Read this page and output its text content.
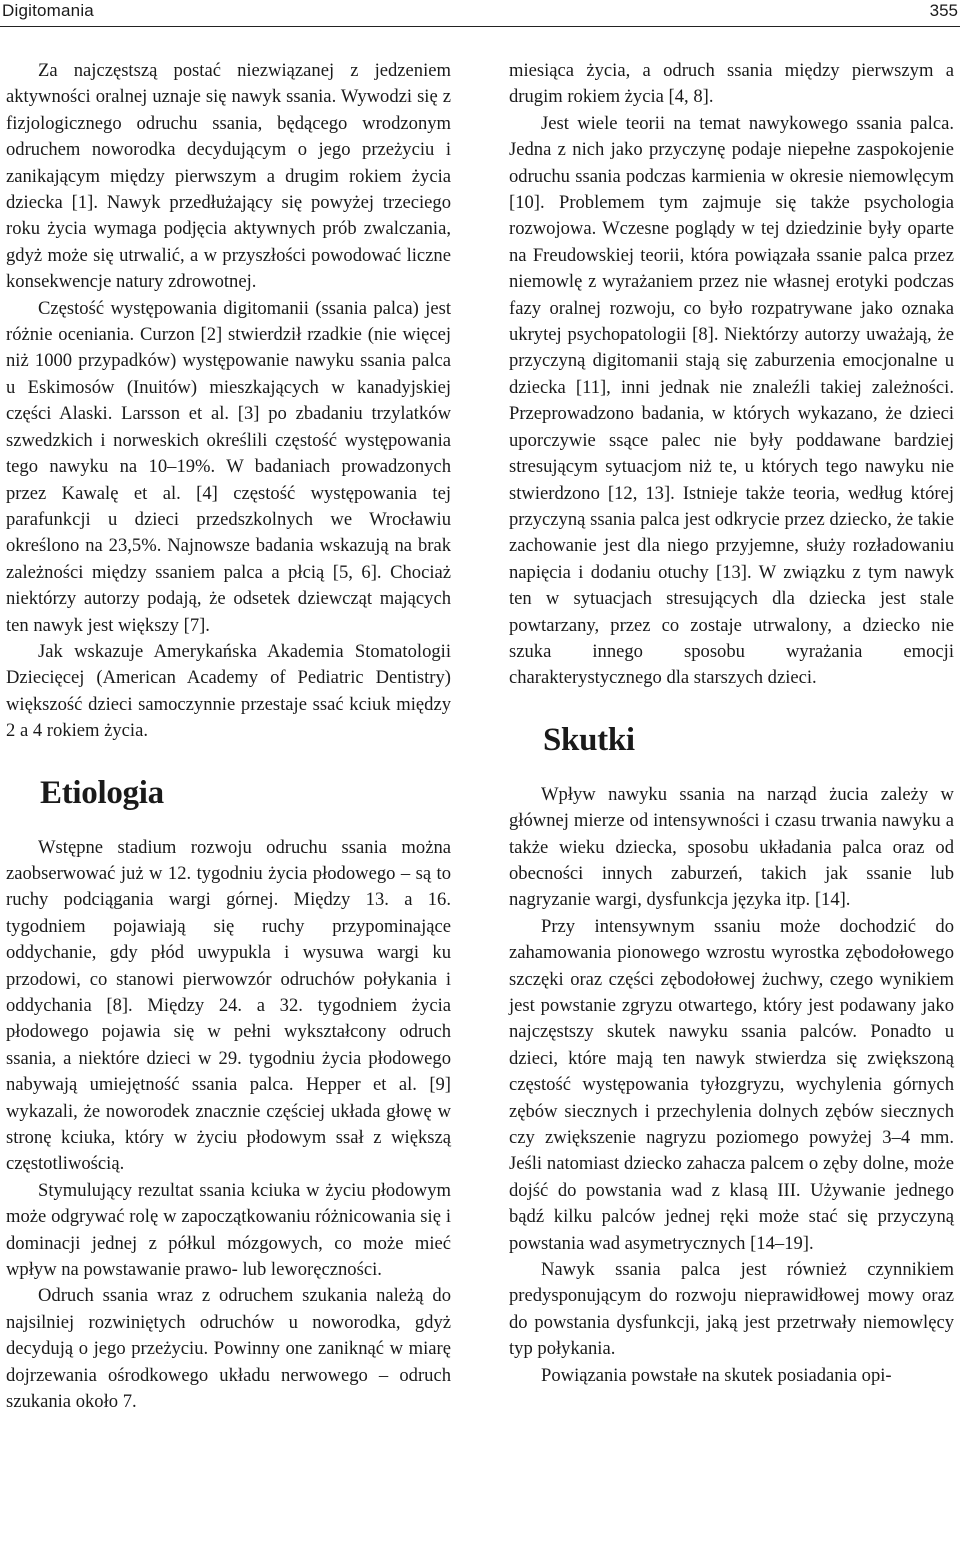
Digitomania	355

Za najczęstszą postać niezwiązanej z jedzeniem aktywności oralnej uznaje się nawyk ssania. Wywodzi się z fizjologicznego odruchu ssania, będącego wrodzonym odruchem noworodka decydującym o jego przeżyciu i zanikającym między pierwszym a drugim rokiem życia dziecka [1]. Nawyk przedłużający się powyżej trzeciego roku życia wymaga podjęcia aktywnych prób zwalczania, gdyż może się utrwalić, a w przyszłości powodować liczne konsekwencje natury zdrowotnej.

Częstość występowania digitomanii (ssania palca) jest różnie oceniania. Curzon [2] stwierdził rzadkie (nie więcej niż 1000 przypadków) występowanie nawyku ssania palca u Eskimosów (Inuitów) mieszkających w kanadyjskiej części Alaski. Larsson et al. [3] po zbadaniu trzylatków szwedzkich i norweskich określili częstość występowania tego nawyku na 10–19%. W badaniach prowadzonych przez Kawalę et al. [4] częstość występowania tej parafunkcji u dzieci przedszkolnych we Wrocławiu określono na 23,5%. Najnowsze badania wskazują na brak zależności między ssaniem palca a płcią [5, 6]. Chociaż niektórzy autorzy podają, że odsetek dziewcząt mających ten nawyk jest większy [7].

Jak wskazuje Amerykańska Akademia Stomatologii Dziecięcej (American Academy of Pediatric Dentistry) większość dzieci samoczynnie przestaje ssać kciuk między 2 a 4 rokiem życia.

Etiologia

Wstępne stadium rozwoju odruchu ssania można zaobserwować już w 12. tygodniu życia płodowego – są to ruchy podciągania wargi górnej. Między 13. a 16. tygodniem pojawiają się ruchy przypominające oddychanie, gdy płód uwypukla i wysuwa wargi ku przodowi, co stanowi pierwowzór odruchów połykania i oddychania [8]. Między 24. a 32. tygodniem życia płodowego pojawia się w pełni wykształcony odruch ssania, a niektóre dzieci w 29. tygodniu życia płodowego nabywają umiejętność ssania palca. Hepper et al. [9] wykazali, że noworodek znacznie częściej układa głowę w stronę kciuka, który w życiu płodowym ssał z większą częstotliwością.

Stymulujący rezultat ssania kciuka w życiu płodowym może odgrywać rolę w zapoczątkowaniu różnicowania się i dominacji jednej z półkul mózgowych, co może mieć wpływ na powstawanie prawo- lub leworęczności.

Odruch ssania wraz z odruchem szukania należą do najsilniej rozwiniętych odruchów u noworodka, gdyż decydują o jego przeżyciu. Powinny one zaniknąć w miarę dojrzewania ośrodkowego układu nerwowego – odruch szukania około 7.

miesiąca życia, a odruch ssania między pierwszym a drugim rokiem życia [4, 8].

Jest wiele teorii na temat nawykowego ssania palca. Jedna z nich jako przyczynę podaje niepełne zaspokojenie odruchu ssania podczas karmienia w okresie niemowlęcym [10]. Problemem tym zajmuje się także psychologia rozwojowa. Wczesne poglądy w tej dziedzinie były oparte na Freudowskiej teorii, która powiązała ssanie palca przez niemowlę z wyrażaniem przez nie własnej erotyki podczas fazy oralnej rozwoju, co było rozpatrywane jako oznaka ukrytej psychopatologii [8]. Niektórzy autorzy uważają, że przyczyną digitomanii stają się zaburzenia emocjonalne u dziecka [11], inni jednak nie znaleźli takiej zależności. Przeprowadzono badania, w których wykazano, że dzieci uporczywie ssące palec nie były poddawane bardziej stresującym sytuacjom niż te, u których tego nawyku nie stwierdzono [12, 13]. Istnieje także teoria, według której przyczyną ssania palca jest odkrycie przez dziecko, że takie zachowanie jest dla niego przyjemne, służy rozładowaniu napięcia i dodaniu otuchy [13]. W związku z tym nawyk ten w sytuacjach stresujących dla dziecka jest stale powtarzany, przez co zostaje utrwalony, a dziecko nie szuka innego sposobu wyrażania emocji charakterystycznego dla starszych dzieci.

Skutki

Wpływ nawyku ssania na narząd żucia zależy w głównej mierze od intensywności i czasu trwania nawyku a także wieku dziecka, sposobu układania palca oraz od obecności innych zaburzeń, takich jak ssanie lub nagryzanie wargi, dysfunkcja języka itp. [14].

Przy intensywnym ssaniu może dochodzić do zahamowania pionowego wzrostu wyrostka zębodołowego szczęki oraz części zębodołowej żuchwy, czego wynikiem jest powstanie zgryzu otwartego, który jest podawany jako najczęstszy skutek nawyku ssania palców. Ponadto u dzieci, które mają ten nawyk stwierdza się zwiększoną częstość występowania tyłozgryzu, wychylenia górnych zębów siecznych i przechylenia dolnych zębów siecznych czy zwiększenie nagryzu poziomego powyżej 3–4 mm. Jeśli natomiast dziecko zahacza palcem o zęby dolne, może dojść do powstania wad z klasą III. Używanie jednego bądź kilku palców jednej ręki może stać się przyczyną powstania wad asymetrycznych [14–19].

Nawyk ssania palca jest również czynnikiem predysponującym do rozwoju nieprawidłowej mowy oraz do powstania dysfunkcji, jaką jest przetrwały niemowlęcy typ połykania.

Powiązania powstałe na skutek posiadania opi-
